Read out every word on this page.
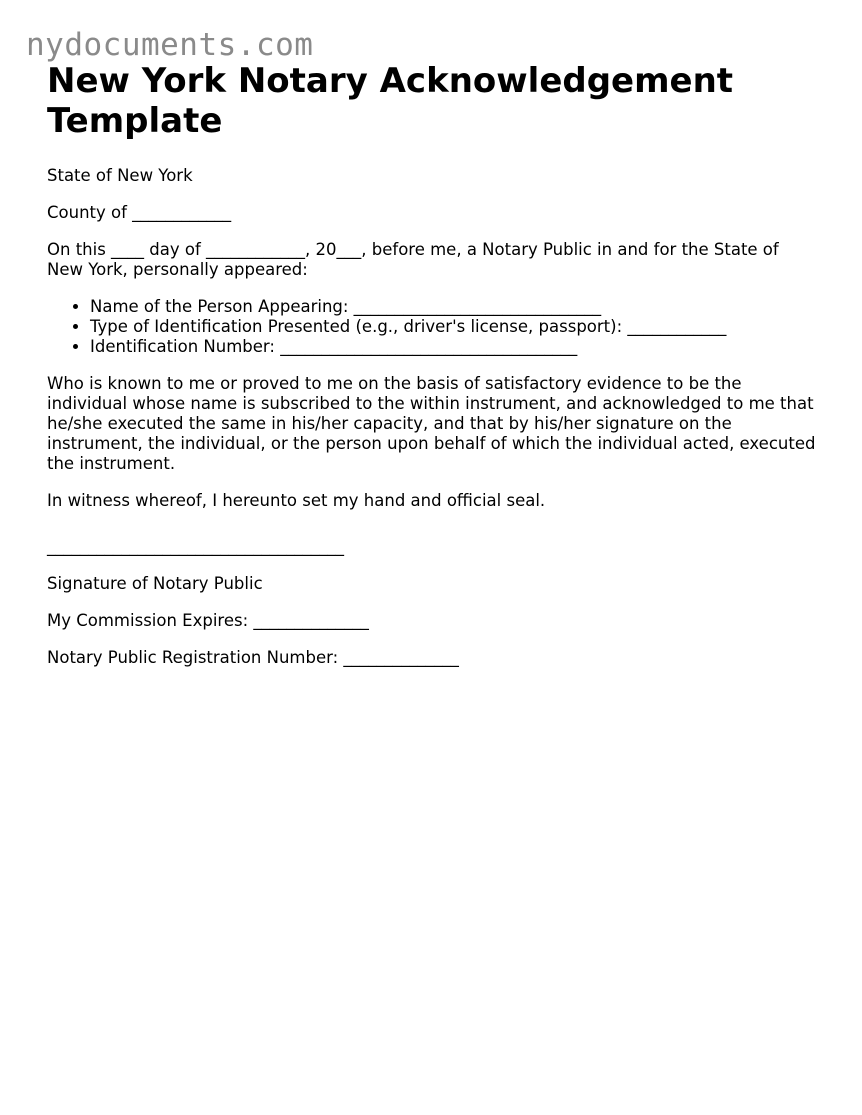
nydocuments.com
New York Notary Acknowledgement Template

State of New York

County of ____________

On this ____ day of ____________, 20___, before me, a Notary Public in and for the State of New York, personally appeared:

• Name of the Person Appearing: ______________________________
• Type of Identification Presented (e.g., driver's license, passport): ____________
• Identification Number: ____________________________________

Who is known to me or proved to me on the basis of satisfactory evidence to be the individual whose name is subscribed to the within instrument, and acknowledged to me that he/she executed the same in his/her capacity, and that by his/her signature on the instrument, the individual, or the person upon behalf of which the individual acted, executed the instrument.

In witness whereof, I hereunto set my hand and official seal.

____________________________________

Signature of Notary Public

My Commission Expires: ______________

Notary Public Registration Number: ______________
